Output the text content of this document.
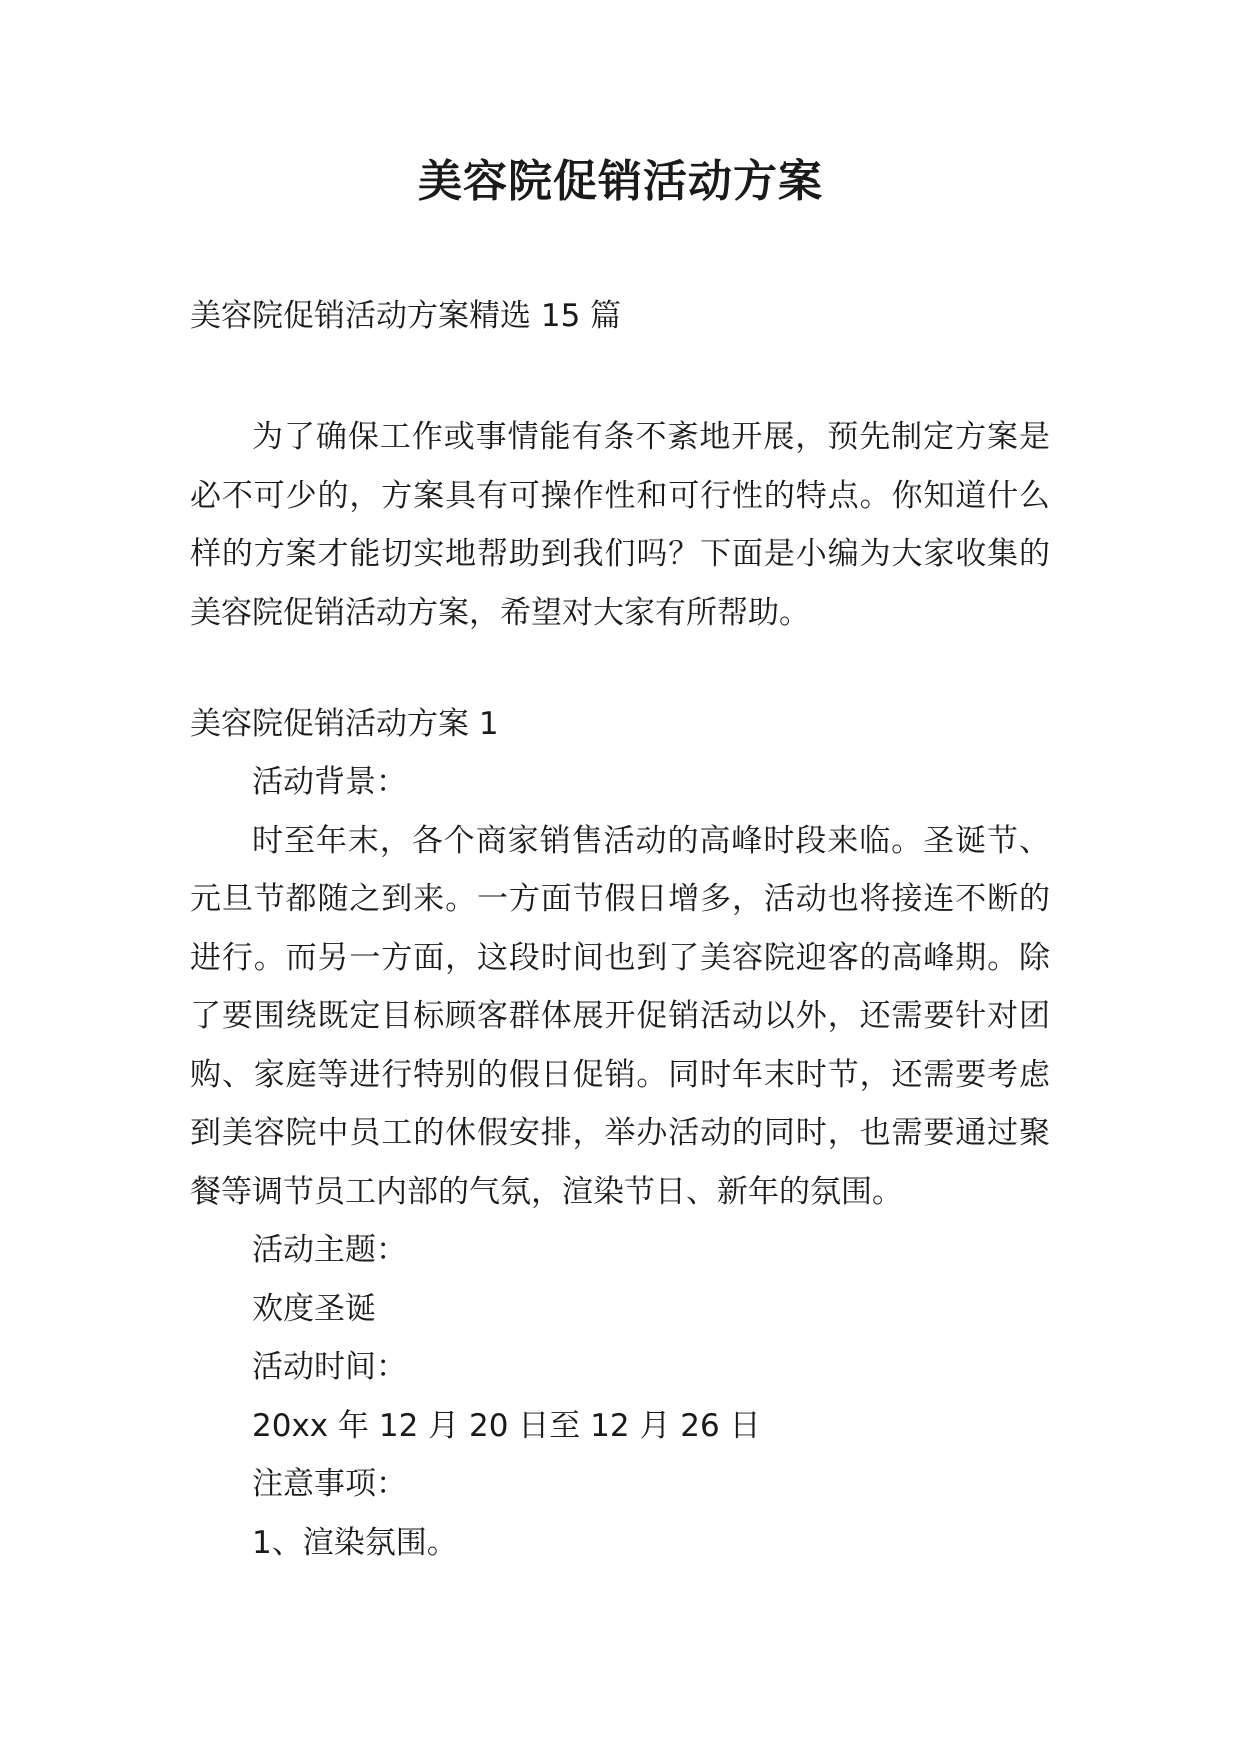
美容院促销活动方案
美容院促销活动方案精选 15 篇
为了确保工作或事情能有条不紊地开展，预先制定方案是必不可少的，方案具有可操作性和可行性的特点。你知道什么样的方案才能切实地帮助到我们吗？下面是小编为大家收集的美容院促销活动方案，希望对大家有所帮助。
美容院促销活动方案 1
活动背景：
时至年末，各个商家销售活动的高峰时段来临。圣诞节、元旦节都随之到来。一方面节假日增多，活动也将接连不断的进行。而另一方面，这段时间也到了美容院迎客的高峰期。除了要围绕既定目标顾客群体展开促销活动以外，还需要针对团购、家庭等进行特别的假日促销。同时年末时节，还需要考虑到美容院中员工的休假安排，举办活动的同时，也需要通过聚餐等调节员工内部的气氛，渲染节日、新年的氛围。
活动主题：
欢度圣诞
活动时间：
20xx 年 12 月 20 日至 12 月 26 日
注意事项：
1、渲染氛围。
